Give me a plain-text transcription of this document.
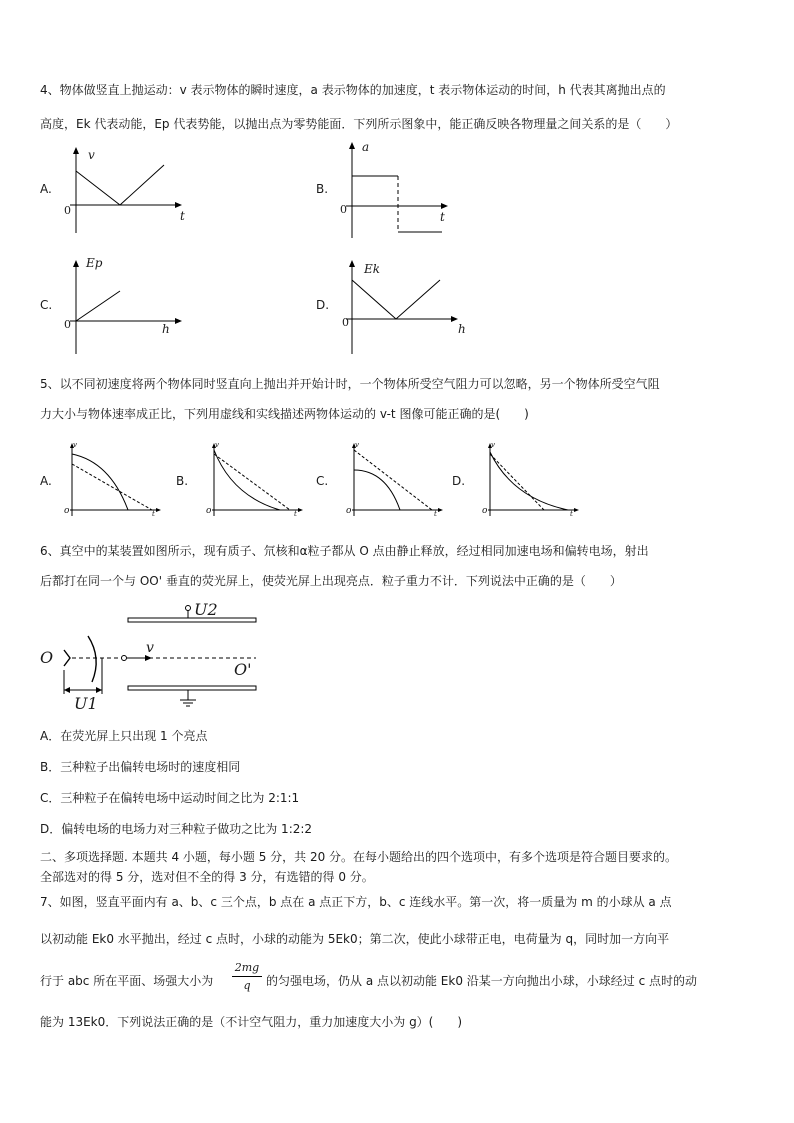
4、物体做竖直上抛运动：v 表示物体的瞬时速度，a 表示物体的加速度，t 表示物体运动的时间，h 代表其离抛出点的
高度，Ek 代表动能，Ep 代表势能，以抛出点为零势能面．下列所示图象中，能正确反映各物理量之间关系的是（　　）
A.
v
t
0
B.
a
t
0
C.
Ep
h
0
D.
Ek
h
0
5、以不同初速度将两个物体同时竖直向上抛出并开始计时，一个物体所受空气阻力可以忽略，另一个物体所受空气阻
力大小与物体速率成正比，下列用虚线和实线描述两物体运动的 v-t 图像可能正确的是(　　)
A.
v
t
o
B.
v
t
o
C.
v
t
o
D.
v
t
o
6、真空中的某装置如图所示，现有质子、氘核和α粒子都从 O 点由静止释放，经过相同加速电场和偏转电场，射出
后都打在同一个与 OO' 垂直的荧光屏上，使荧光屏上出现亮点．粒子重力不计．下列说法中正确的是（　　）
O
O'
v
U1
U2
A．在荧光屏上只出现 1 个亮点
B．三种粒子出偏转电场时的速度相同
C．三种粒子在偏转电场中运动时间之比为 2:1:1
D．偏转电场的电场力对三种粒子做功之比为 1:2:2
二、多项选择题. 本题共 4 小题，每小题 5 分，共 20 分。在每小题给出的四个选项中，有多个选项是符合题目要求的。
全部选对的得 5 分，选对但不全的得 3 分，有选错的得 0 分。
7、如图，竖直平面内有 a、b、c 三个点，b 点在 a 点正下方，b、c 连线水平。第一次，将一质量为 m 的小球从 a 点
以初动能 Ek0 水平抛出，经过 c 点时，小球的动能为 5Ek0；第二次，使此小球带正电，电荷量为 q，同时加一方向平
行于 abc 所在平面、场强大小为
2mg
q	的匀强电场，仍从 a 点以初动能 Ek0 沿某一方向抛出小球，小球经过 c 点时的动
能为 13Ek0．下列说法正确的是（不计空气阻力，重力加速度大小为 g）(　　)
